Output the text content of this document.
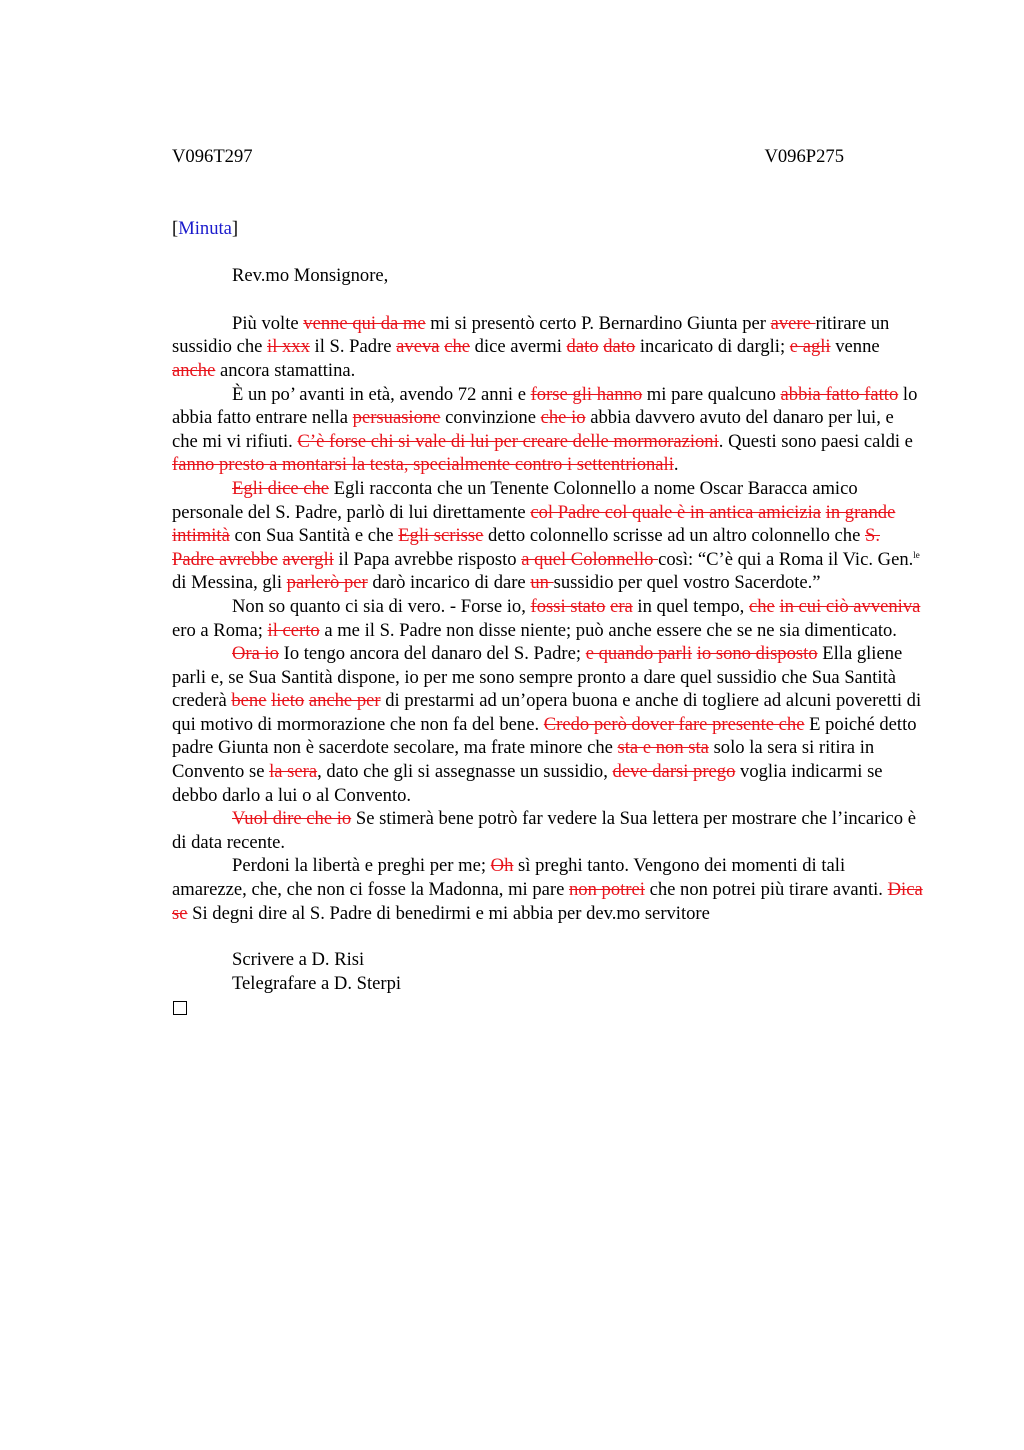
V096T297	V096P275
[Minuta]
Rev.mo Monsignore,

Più volte venne qui da me mi si presentò certo P. Bernardino Giunta per avere ritirare un sussidio che il xxx il S. Padre aveva che dice avermi dato dato incaricato di dargli; e agli venne anche ancora stamattina.

È un po’ avanti in età, avendo 72 anni e forse gli hanno mi pare qualcuno abbia fatto fatto lo abbia fatto entrare nella persuasione convinzione che io abbia davvero avuto del danaro per lui, e che mi vi rifiuti. C’è forse chi si vale di lui per creare delle mormorazioni. Questi sono paesi caldi e fanno presto a montarsi la testa, specialmente contro i settentrionali.

Egli dice che Egli racconta che un Tenente Colonnello a nome Oscar Baracca amico personale del S. Padre, parlò di lui direttamente col Padre col quale è in antica amicizia in grande intimità con Sua Santità e che Egli scrisse detto colonnello scrisse ad un altro colonnello che S. Padre avrebbe avergli il Papa avrebbe risposto a quel Colonnello così: “C’è qui a Roma il Vic. Gen.$^{le}$ di Messina, gli parlerò per darò incarico di dare un sussidio per quel vostro Sacerdote.”

Non so quanto ci sia di vero. - Forse io, fossi stato era in quel tempo, che in cui ciò avveniva ero a Roma; il certo a me il S. Padre non disse niente; può anche essere che se ne sia dimenticato.

Ora io Io tengo ancora del danaro del S. Padre; e quando parli io sono disposto Ella gliene parli e, se Sua Santità dispone, io per me sono sempre pronto a dare quel sussidio che Sua Santità crederà bene lieto anche per di prestarmi ad un’opera buona e anche di togliere ad alcuni poveretti di qui motivo di mormorazione che non fa del bene. Credo però dover fare presente che E poiché detto padre Giunta non è sacerdote secolare, ma frate minore che sta e non sta solo la sera si ritira in Convento se la sera, dato che gli si assegnasse un sussidio, deve darsi prego voglia indicarmi se debbo darlo a lui o al Convento.

Vuol dire che io Se stimerà bene potrò far vedere la Sua lettera per mostrare che l’incarico è di data recente.

Perdoni la libertà e preghi per me; Oh sì preghi tanto. Vengono dei momenti di tali amarezze, che, che non ci fosse la Madonna, mi pare non potrei che non potrei più tirare avanti. Dica se Si degni dire al S. Padre di benedirmi e mi abbia per dev.mo servitore

Scrivere a D. Risi
Telegrafare a D. Sterpi
